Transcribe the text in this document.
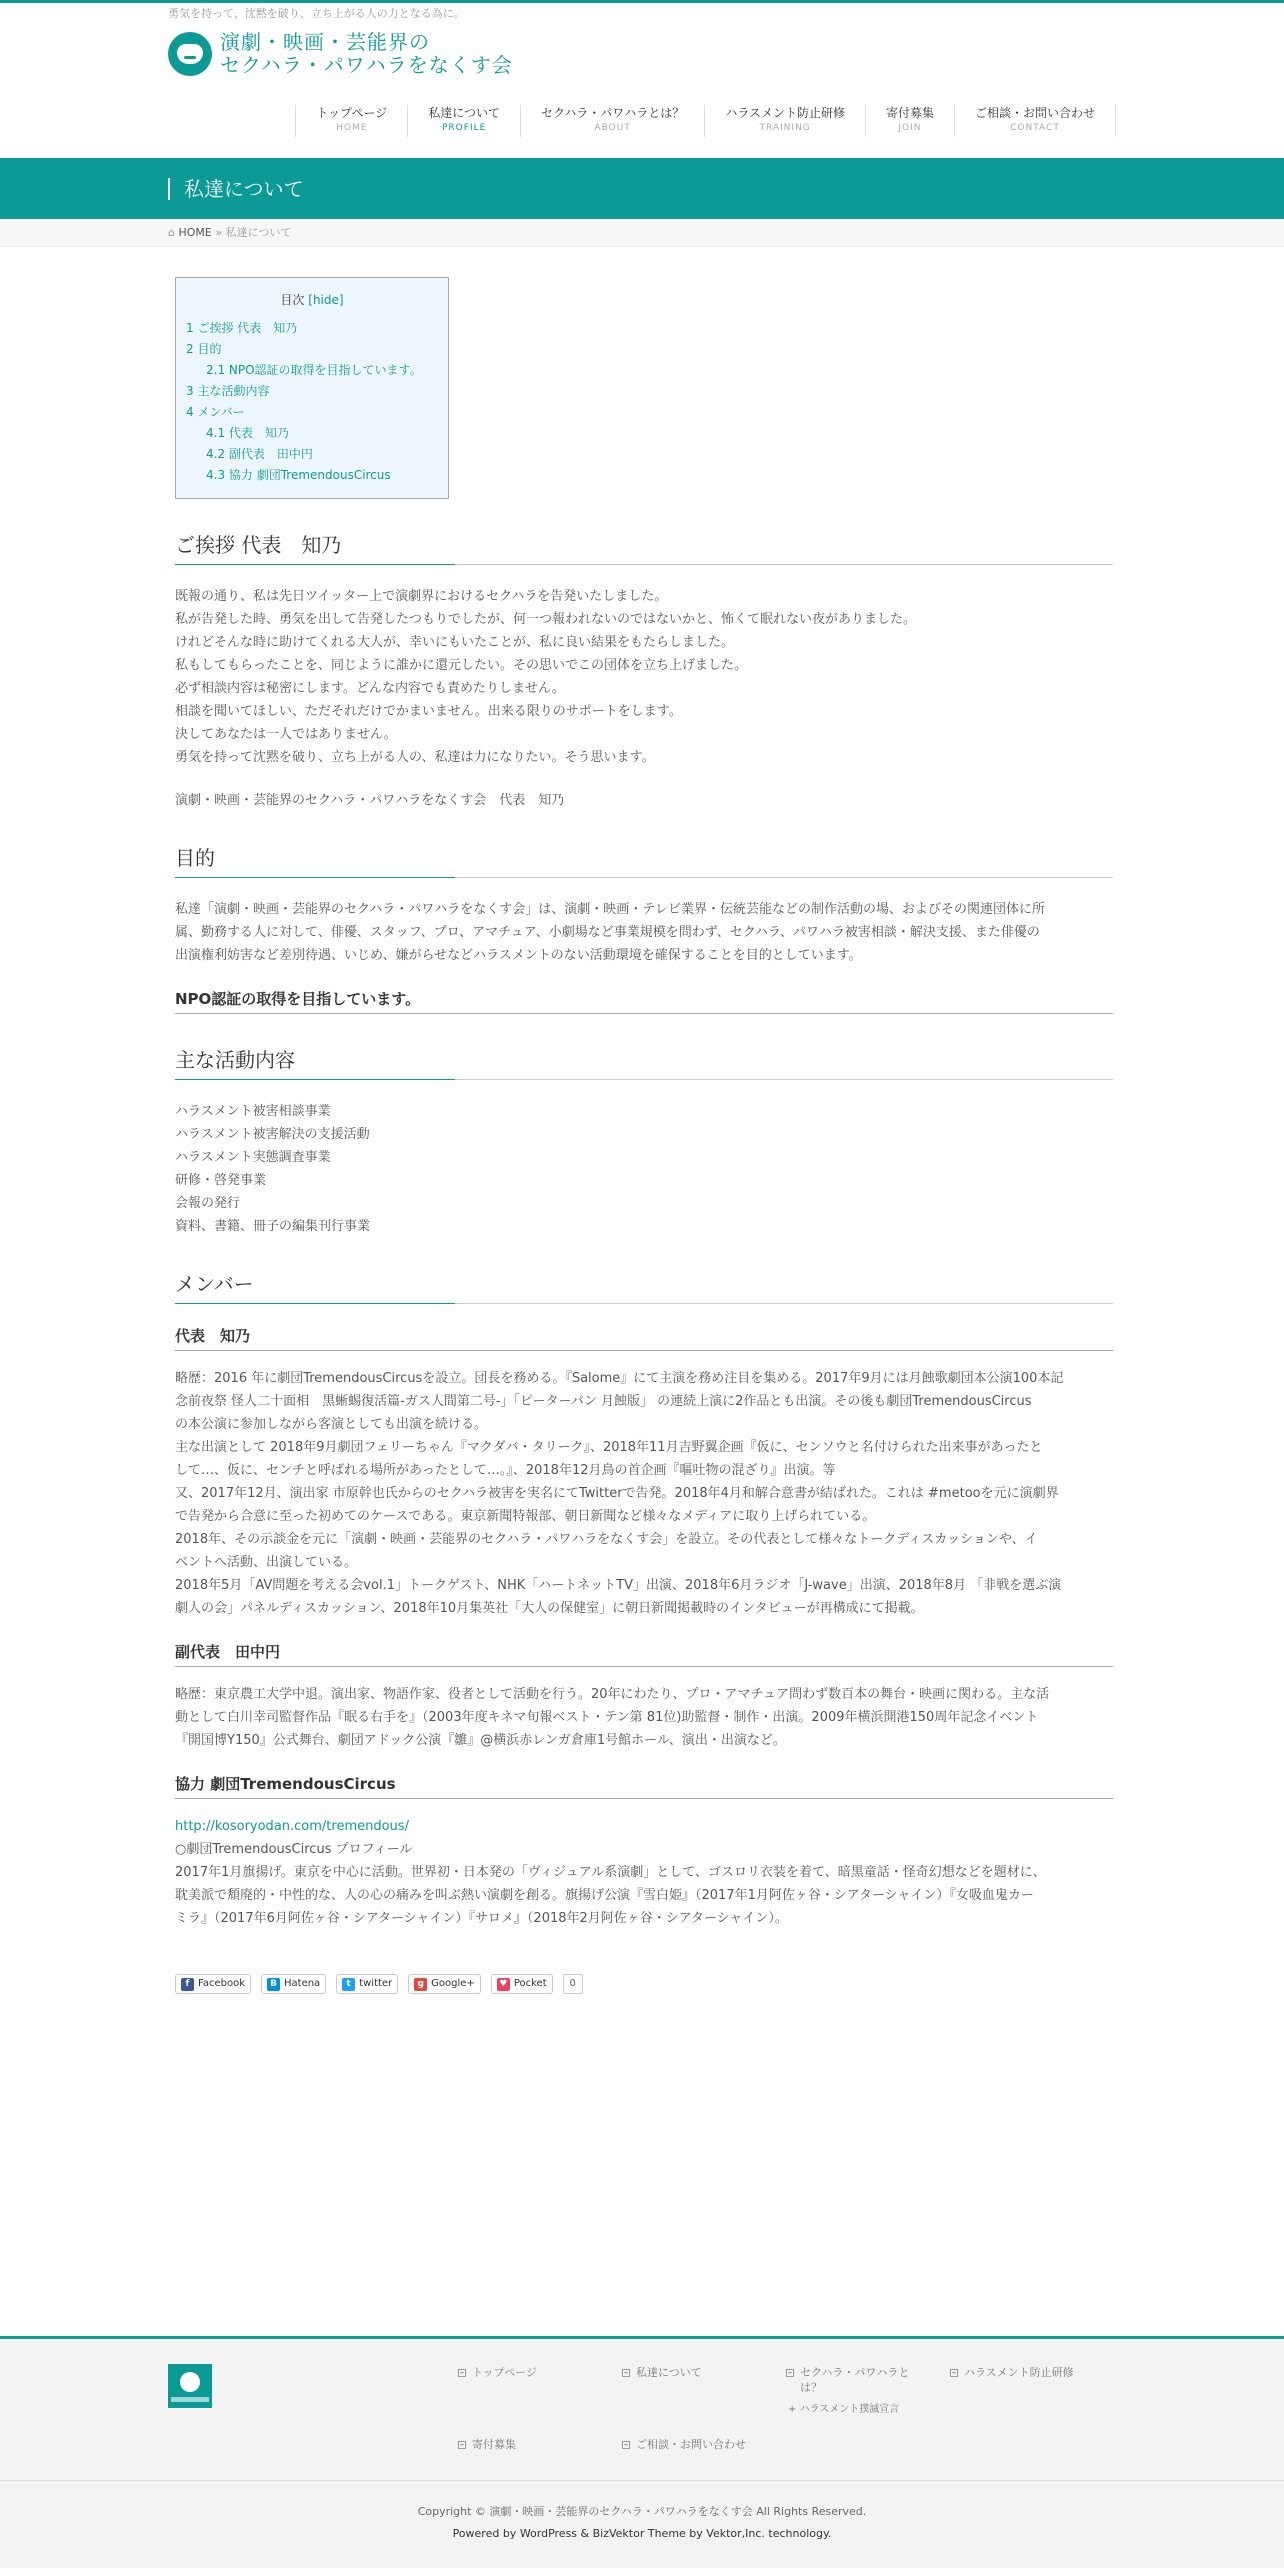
勇気を持って、沈黙を破り、立ち上がる人の力となる為に。
演劇・映画・芸能界の
セクハラ・パワハラをなくす会
トップページ
HOME
私達について
PROFILE
セクハラ・パワハラとは？
ABOUT
ハラスメント防止研修
TRAINING
寄付募集
JOIN
ご相談・お問い合わせ
CONTACT
私達について
⌂ HOME » 私達について
目次 [hide]
1 ご挨拶 代表　知乃
2 目的
2.1 NPO認証の取得を目指しています。
3 主な活動内容
4 メンバー
4.1 代表　知乃
4.2 副代表　田中円
4.3 協力 劇団TremendousCircus
ご挨拶 代表　知乃

既報の通り、私は先日ツイッター上で演劇界におけるセクハラを告発いたしました。

私が告発した時、勇気を出して告発したつもりでしたが、何一つ報われないのではないかと、怖くて眠れない夜がありました。

けれどそんな時に助けてくれる大人が、幸いにもいたことが、私に良い結果をもたらしました。

私もしてもらったことを、同じように誰かに還元したい。その思いでこの団体を立ち上げました。

必ず相談内容は秘密にします。どんな内容でも責めたりしません。

相談を聞いてほしい、ただそれだけでかまいません。出来る限りのサポートをします。

決してあなたは一人ではありません。

勇気を持って沈黙を破り、立ち上がる人の、私達は力になりたい。そう思います。

演劇・映画・芸能界のセクハラ・パワハラをなくす会　代表　知乃

目的

私達「演劇・映画・芸能界のセクハラ・パワハラをなくす会」は、演劇・映画・テレビ業界・伝統芸能などの制作活動の場、およびその関連団体に所

属、勤務する人に対して、俳優、スタッフ、プロ、アマチュア、小劇場など事業規模を問わず、セクハラ、パワハラ被害相談・解決支援、また俳優の

出演権利妨害など差別待遇、いじめ、嫌がらせなどハラスメントのない活動環境を確保することを目的としています。

NPO認証の取得を目指しています。
主な活動内容

ハラスメント被害相談事業

ハラスメント被害解決の支援活動

ハラスメント実態調査事業

研修・啓発事業

会報の発行

資料、書籍、冊子の編集刊行事業

メンバー
代表　知乃

略歴：2016 年に劇団TremendousCircusを設立。団長を務める。『Salome』にて主演を務め注目を集める。2017年9月には月蝕歌劇団本公演100本記

念前夜祭 怪人二十面相　黒蜥蜴復活篇-ガス人間第二号-」「ピーターパン 月蝕版」 の連続上演に2作品とも出演。その後も劇団TremendousCircus

の本公演に参加しながら客演としても出演を続ける。

主な出演として 2018年9月劇団フェリーちゃん『マクダバ・タリーク』、2018年11月吉野翼企画『仮に、センソウと名付けられた出来事があったと

して…、仮に、センチと呼ばれる場所があったとして…。』、2018年12月鳥の首企画『嘔吐物の混ざり』出演。等

又、2017年12月、演出家 市原幹也氏からのセクハラ被害を実名にてTwitterで告発。2018年4月和解合意書が結ばれた。これは #metooを元に演劇界

で告発から合意に至った初めてのケースである。東京新聞特報部、朝日新聞など様々なメディアに取り上げられている。

2018年、その示談金を元に「演劇・映画・芸能界のセクハラ・パワハラをなくす会」を設立。その代表として様々なトークディスカッションや、イ

ベントへ活動、出演している。

2018年5月「AV問題を考える会vol.1」トークゲスト、NHK「ハートネットTV」出演、2018年6月ラジオ「J-wave」出演、2018年8月 「非戦を選ぶ演

劇人の会」パネルディスカッション、2018年10月集英社「大人の保健室」に朝日新聞掲載時のインタビューが再構成にて掲載。

副代表　田中円

略歴：東京農工大学中退。演出家、物語作家、役者として活動を行う。20年にわたり、プロ・アマチュア問わず数百本の舞台・映画に関わる。主な活

動として白川幸司監督作品『眠る右手を』（2003年度キネマ旬報ベスト・テン第 81位)助監督・制作・出演。2009年横浜開港150周年記念イベント

『開国博Y150』公式舞台、劇団アドック公演『雛』@横浜赤レンガ倉庫1号館ホール、演出・出演など。

協力 劇団TremendousCircus

http://kosoryodan.com/tremendous/

○劇団TremendousCircus プロフィール

2017年1月旗揚げ。東京を中心に活動。世界初・日本発の「ヴィジュアル系演劇」として、ゴスロリ衣装を着て、暗黒童話・怪奇幻想などを題材に、

耽美派で頽廃的・中性的な、人の心の痛みを叫ぶ熱い演劇を創る。旗揚げ公演『雪白姫』（2017年1月阿佐ヶ谷・シアターシャイン）『女吸血鬼カー

ミラ』（2017年6月阿佐ヶ谷・シアターシャイン）『サロメ』（2018年2月阿佐ヶ谷・シアターシャイン）。

f Facebook	B Hatena	t twitter	g Google+	♥ Pocket	0
トップページ	私達について	セクハラ・パワハラとは？
ハラスメント防止研修
+ ハラスメント撲滅宣言
寄付募集	ご相談・お問い合わせ
Copyright © 演劇・映画・芸能界のセクハラ・パワハラをなくす会 All Rights Reserved.
Powered by WordPress & BizVektor Theme by Vektor,Inc. technology.
